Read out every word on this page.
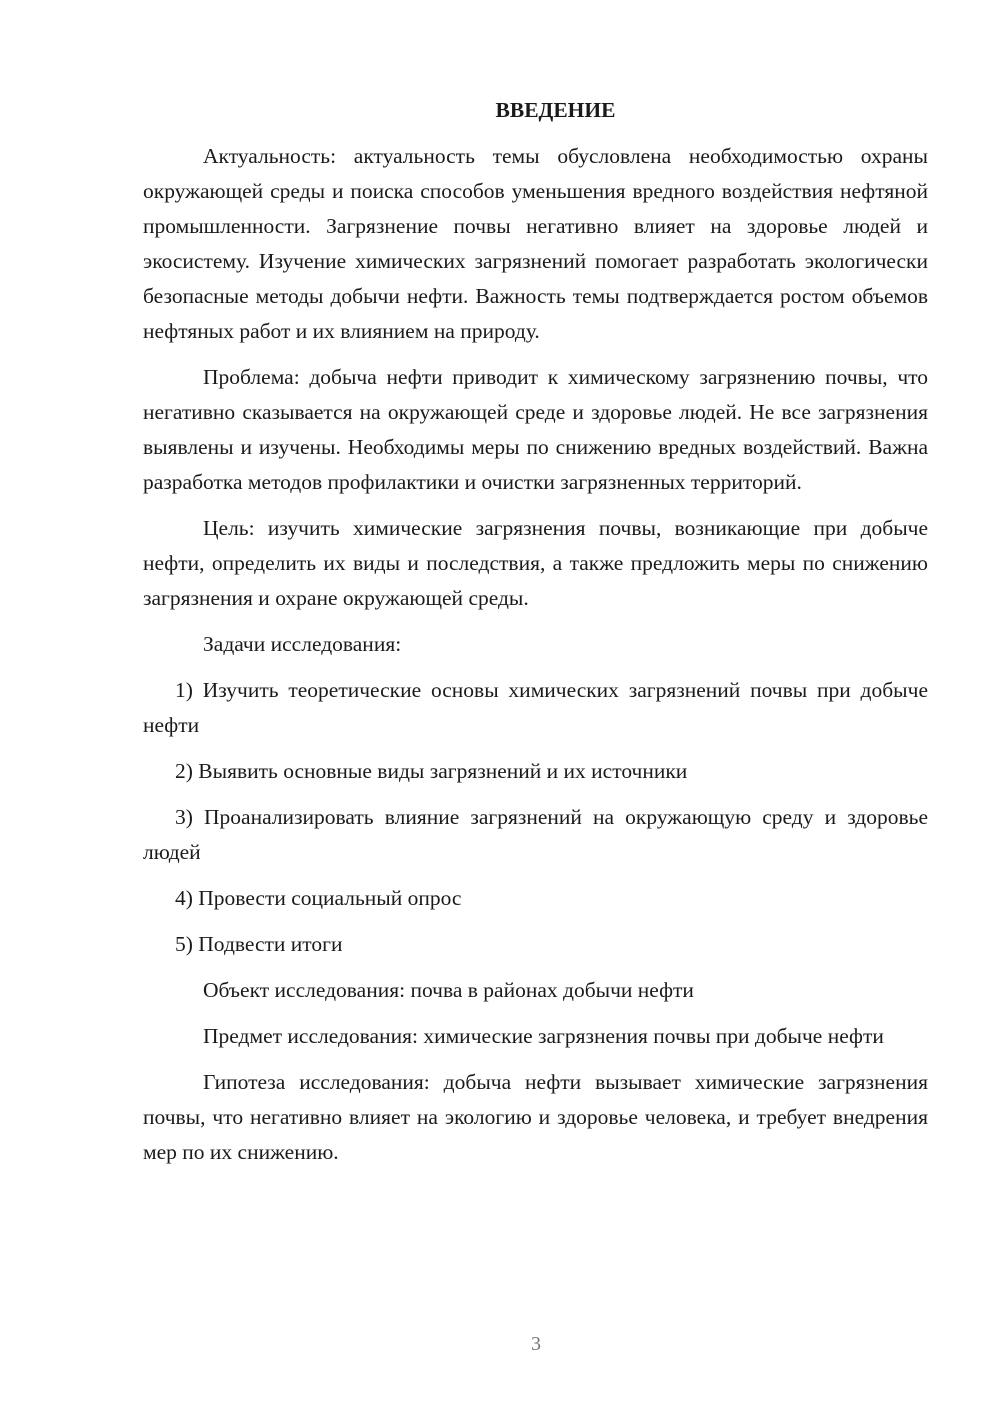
ВВЕДЕНИЕ

Актуальность: актуальность темы обусловлена необходимостью охраны окружающей среды и поиска способов уменьшения вредного воздействия нефтяной промышленности. Загрязнение почвы негативно влияет на здоровье людей и экосистему. Изучение химических загрязнений помогает разработать экологически безопасные методы добычи нефти. Важность темы подтверждается ростом объемов нефтяных работ и их влиянием на природу.

Проблема: добыча нефти приводит к химическому загрязнению почвы, что негативно сказывается на окружающей среде и здоровье людей. Не все загрязнения выявлены и изучены. Необходимы меры по снижению вредных воздействий. Важна разработка методов профилактики и очистки загрязненных территорий.

Цель: изучить химические загрязнения почвы, возникающие при добыче нефти, определить их виды и последствия, а также предложить меры по снижению загрязнения и охране окружающей среды.

Задачи исследования:

1) Изучить теоретические основы химических загрязнений почвы при добыче нефти

2) Выявить основные виды загрязнений и их источники

3) Проанализировать влияние загрязнений на окружающую среду и здоровье людей

4) Провести социальный опрос

5) Подвести итоги

Объект исследования: почва в районах добычи нефти

Предмет исследования: химические загрязнения почвы при добыче нефти

Гипотеза исследования: добыча нефти вызывает химические загрязнения почвы, что негативно влияет на экологию и здоровье человека, и требует внедрения мер по их снижению.

3
